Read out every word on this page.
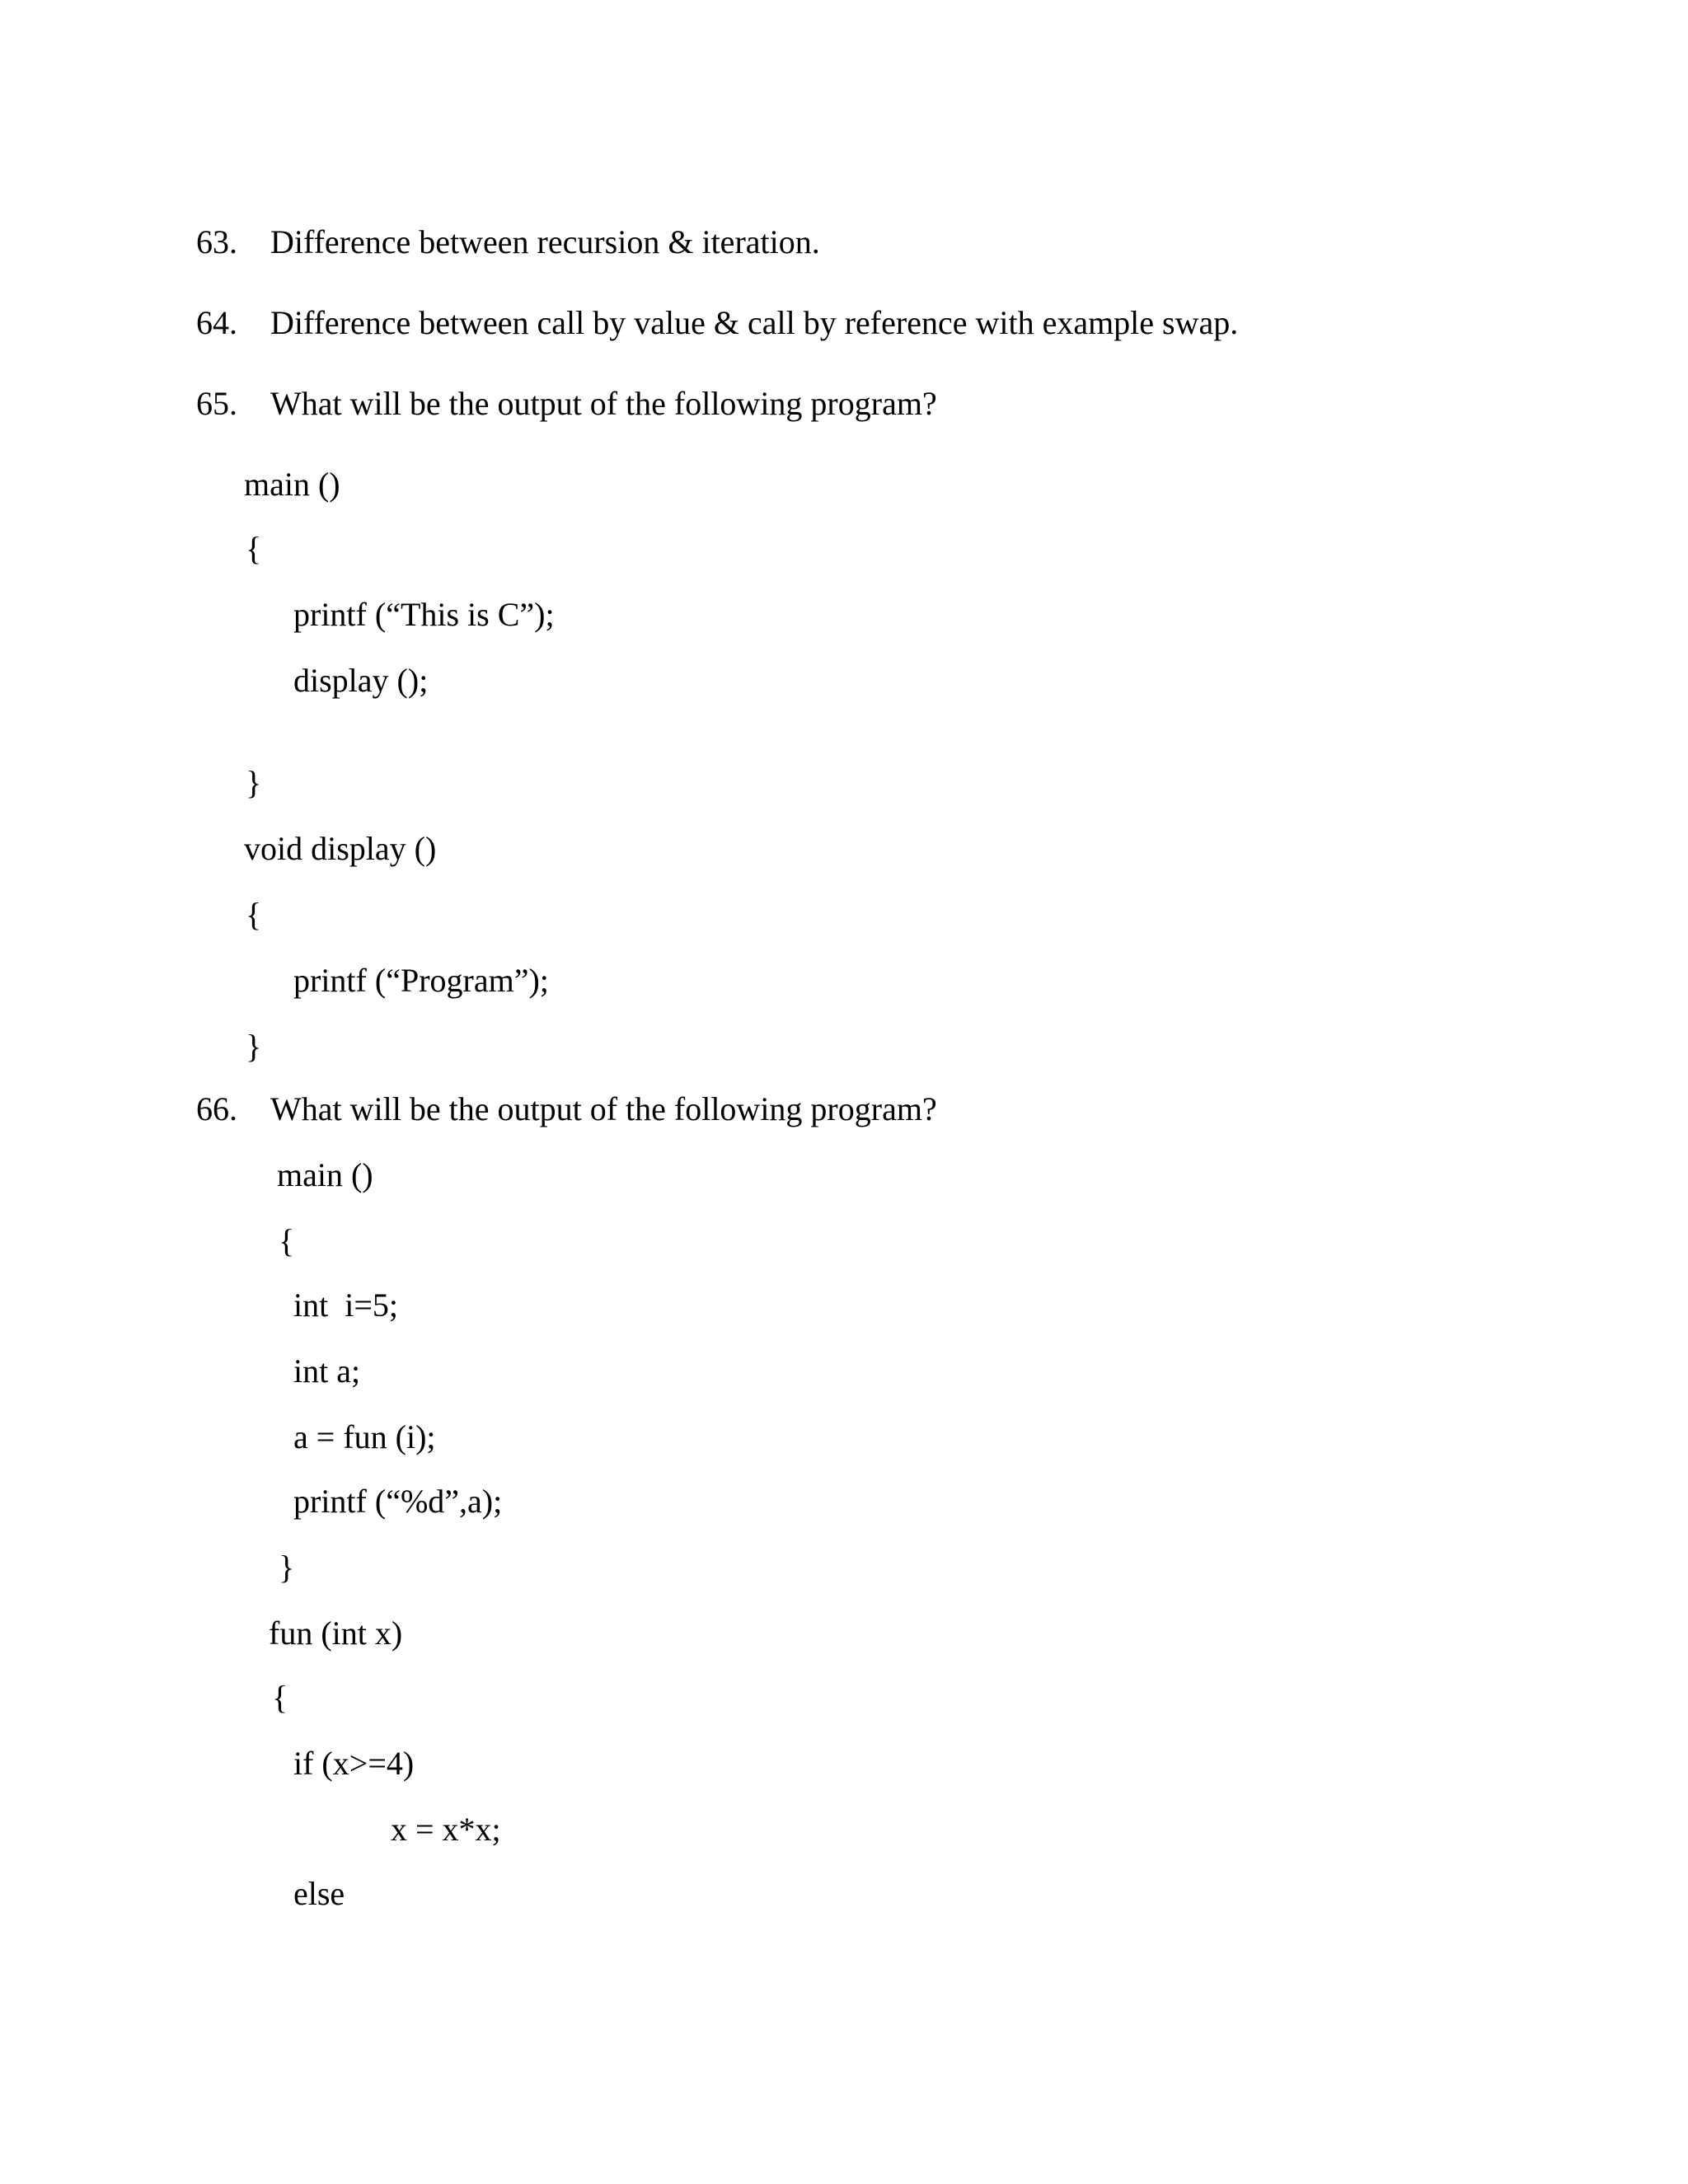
63. Difference between recursion & iteration.
64. Difference between call by value & call by reference with example swap.
65. What will be the output of the following program?
main ()
{
printf (“This is C”);
display ();
}
void display ()
{
printf (“Program”);
}
66. What will be the output of the following program?
main ()
{
int  i=5;
int a;
a = fun (i);
printf (“%d”,a);
}
fun (int x)
{
if (x>=4)
x = x*x;
else
